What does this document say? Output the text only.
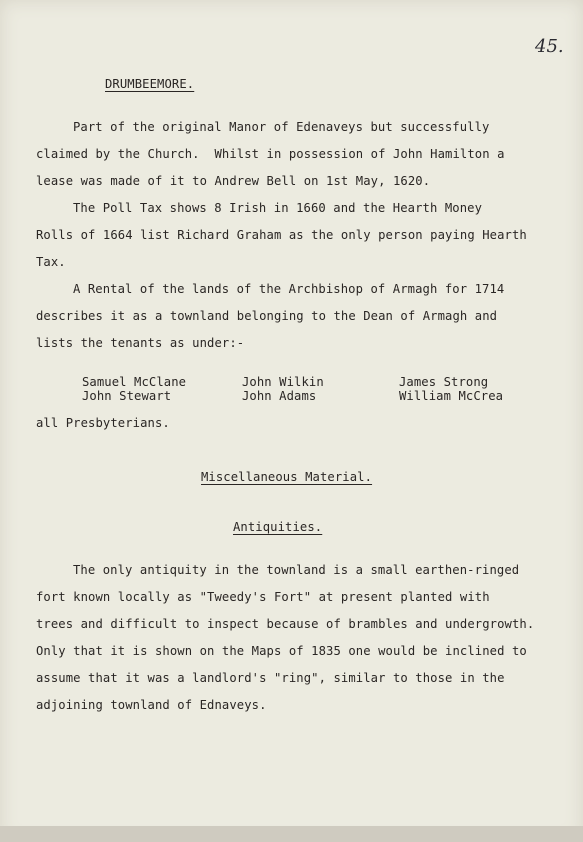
45.
DRUMBEEMORE.
Part of the original Manor of Edenaveys but successfully
claimed by the Church.  Whilst in possession of John Hamilton a
lease was made of it to Andrew Bell on 1st May, 1620.
The Poll Tax shows 8 Irish in 1660 and the Hearth Money
Rolls of 1664 list Richard Graham as the only person paying Hearth
Tax.
A Rental of the lands of the Archbishop of Armagh for 1714
describes it as a townland belonging to the Dean of Armagh and
lists the tenants as under:-
Samuel McClane
John Stewart
John Wilkin
John Adams
James Strong
William McCrea
all Presbyterians.
Miscellaneous Material.
Antiquities.
The only antiquity in the townland is a small earthen-ringed
fort known locally as "Tweedy's Fort" at present planted with
trees and difficult to inspect because of brambles and undergrowth.
Only that it is shown on the Maps of 1835 one would be inclined to
assume that it was a landlord's "ring", similar to those in the
adjoining townland of Ednaveys.
